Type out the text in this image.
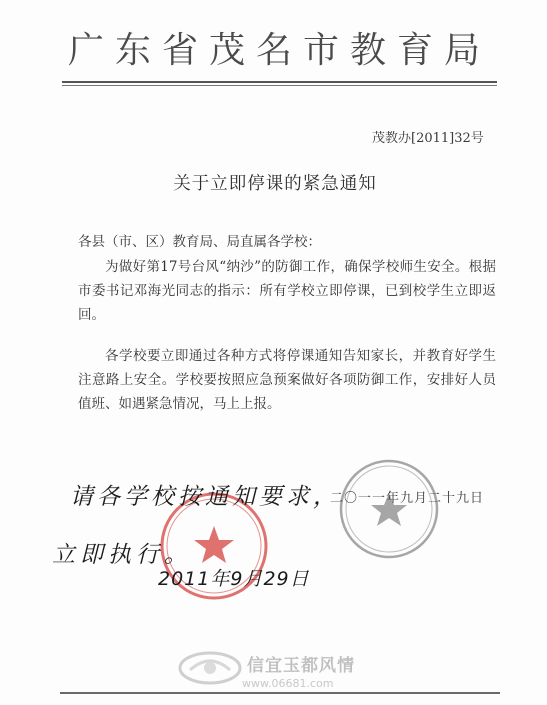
广东省茂名市教育局
茂教办[2011]32号
关于立即停课的紧急通知
各县（市、区）教育局、局直属各学校：
为做好第17号台风“纳沙”的防御工作，确保学校师生安全。根据市委书记邓海光同志的指示：所有学校立即停课，已到校学生立即返回。
各学校要立即通过各种方式将停课通知告知家长，并教育好学生注意路上安全。学校要按照应急预案做好各项防御工作，安排好人员值班、如遇紧急情况，马上上报。
二〇一一年九月二十九日
请各学校按通知要求，
立即执行。
2011年9月29日
信宜玉都风情
www.06681.com
